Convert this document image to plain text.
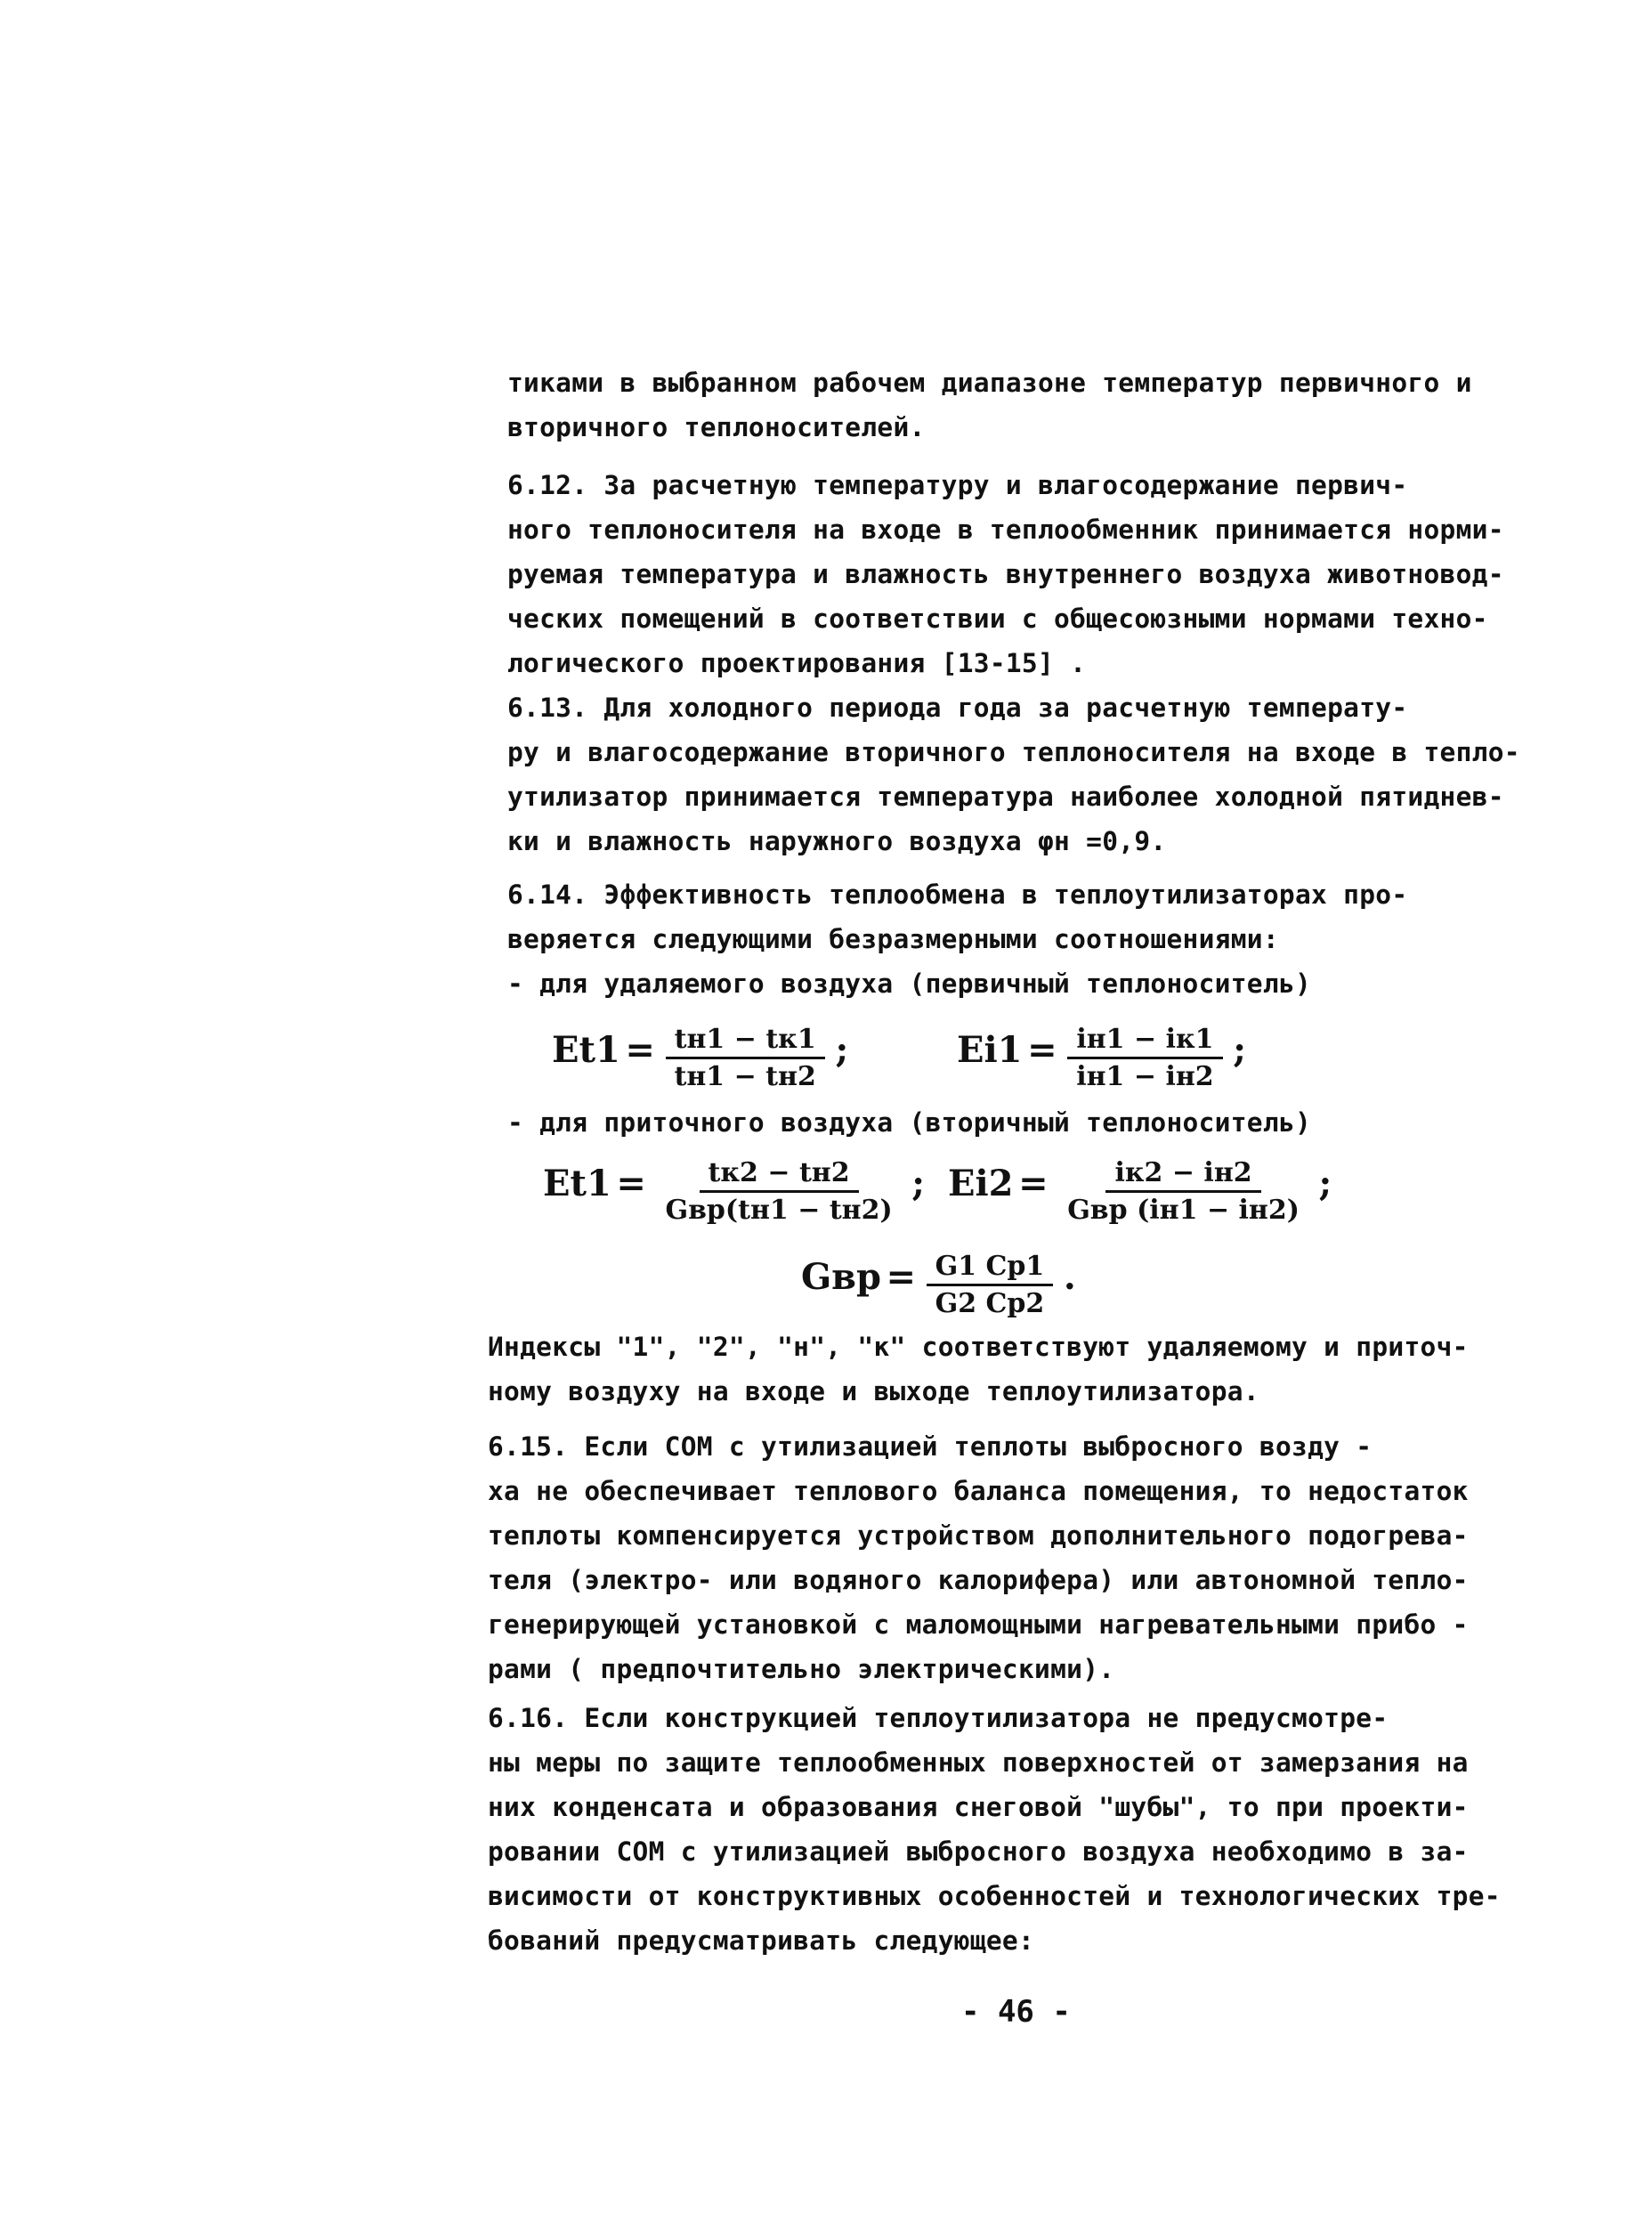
тиками в выбранном рабочем диапазоне температур первичного и
вторичного теплоносителей.
6.12. За расчетную температуру и влагосодержание первич-
ного теплоносителя на входе в теплообменник принимается норми-
руемая температура и влажность внутреннего воздуха животновод-
ческих помещений в соответствии с общесоюзными нормами техно-
логического проектирования [13-15] .
6.13. Для холодного периода года за расчетную температу-
ру и влагосодержание вторичного теплоносителя на входе в тепло-
утилизатор принимается температура наиболее холодной пятиднев-
ки и влажность наружного воздуха φн =0,9.
6.14. Эффективность теплообмена в теплоутилизаторах про-
веряется следующими безразмерными соотношениями:
- для удаляемого воздуха (первичный теплоноситель)
$Et1 = \frac{tн1 - tк1}{tн1 - tн2}$ ;	$Ei1 = \frac{iн1 - iк1}{iн1 - iн2}$ ;
- для приточного воздуха (вторичный теплоноситель)
$Et1 = \frac{tк2 - tн2}{\text{Gвр(tн1 − tн2)}}$ ; $Ei2 = \frac{iк2 - iн2}{\text{Gвр (iн1 − iн2)}}$ ;
Gвр = $\frac{G1 Cp1}{G2 Cp2}$ .
Индексы "1", "2", "н", "к" соответствуют удаляемому и приточ-
ному воздуху на входе и выходе теплоутилизатора.
6.15. Если СОМ с утилизацией теплоты выбросного возду -
ха не обеспечивает теплового баланса помещения, то недостаток
теплоты компенсируется устройством дополнительного подогрева-
теля (электро- или водяного калорифера) или автономной тепло-
генерирующей установкой с маломощными нагревательными прибо -
рами ( предпочтительно электрическими).
6.16. Если конструкцией теплоутилизатора не предусмотре-
ны меры по защите теплообменных поверхностей от замерзания на
них конденсата и образования снеговой "шубы", то при проекти-
ровании СОМ с утилизацией выбросного воздуха необходимо в за-
висимости от конструктивных особенностей и технологических тре-
бований предусматривать следующее:
- 46 -
